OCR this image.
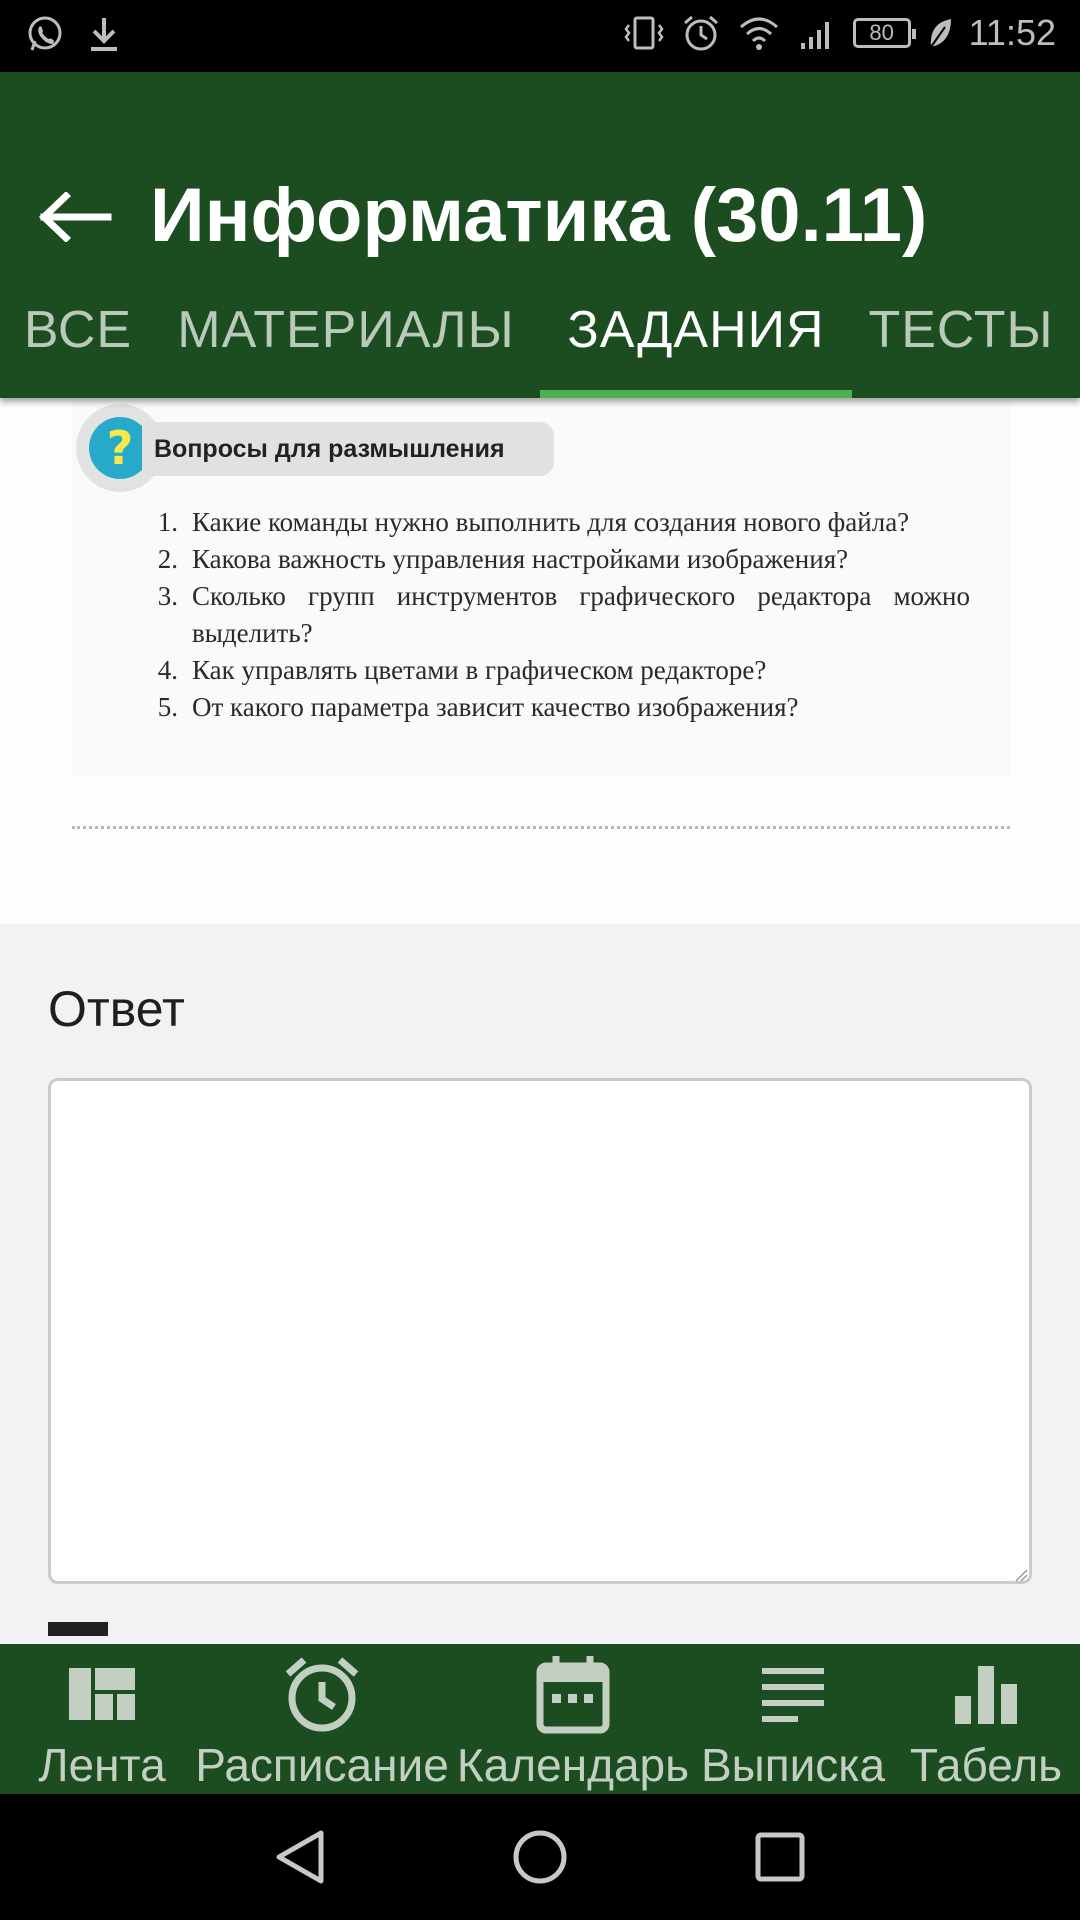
80	11:52
Информатика (30.11)
ВСЕ МАТЕРИАЛЫ	ЗАДАНИЯ ТЕСТЫ
? Вопросы для размышления
1. Какие команды нужно выполнить для создания нового файла?
2. Какова важность управления настройками изображения?
3. Сколько групп инструментов графического редактора можно выделить?
4. Как управлять цветами в графическом редакторе?
5. От какого параметра зависит качество изображения?
Ответ
Лента Расписание Календарь Выписка Табель
